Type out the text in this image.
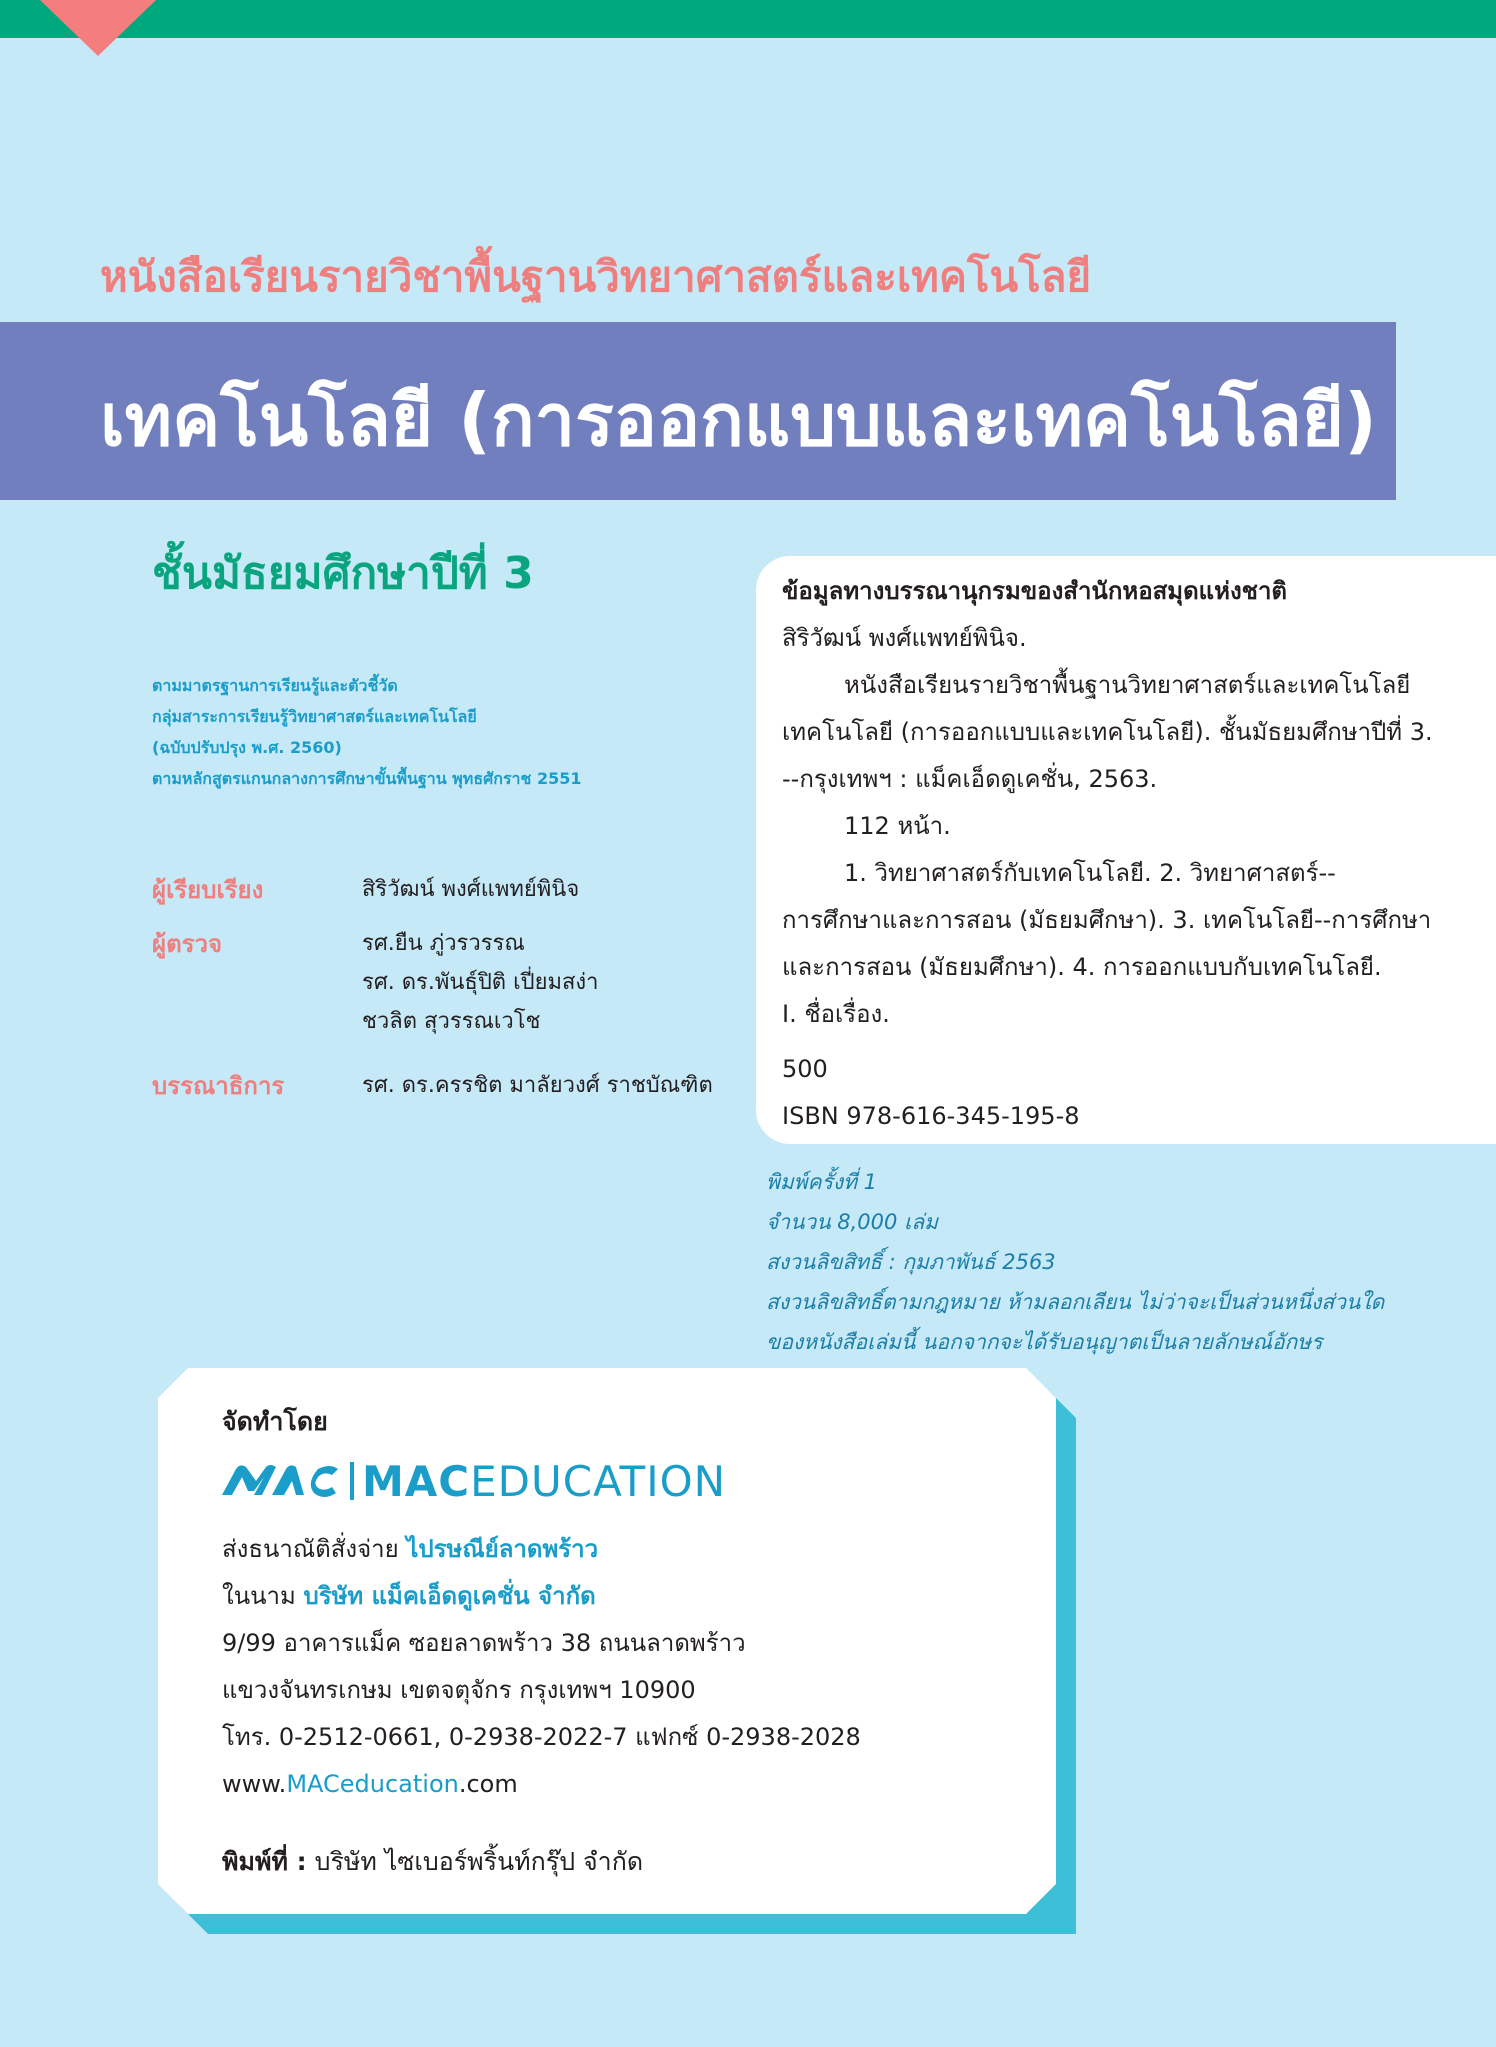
หนังสือเรียนรายวิชาพื้นฐานวิทยาศาสตร์และเทคโนโลยี
เทคโนโลยี (การออกแบบและเทคโนโลยี)
ชั้นมัธยมศึกษาปีที่ 3
ตามมาตรฐานการเรียนรู้และตัวชี้วัด
กลุ่มสาระการเรียนรู้วิทยาศาสตร์และเทคโนโลยี
(ฉบับปรับปรุง พ.ศ. 2560)
ตามหลักสูตรแกนกลางการศึกษาขั้นพื้นฐาน พุทธศักราช 2551
ผู้เรียบเรียง	สิริวัฒน์ พงศ์แพทย์พินิจ
ผู้ตรวจ	รศ.ยืน ภู่วรวรรณ
รศ. ดร.พันธ์ุปิติ เปี่ยมสง่า
ชวลิต สุวรรณเวโช
บรรณาธิการ	รศ. ดร.ครรชิต มาลัยวงศ์ ราชบัณฑิต
ข้อมูลทางบรรณานุกรมของสำนักหอสมุดแห่งชาติ
สิริวัฒน์ พงศ์แพทย์พินิจ.
หนังสือเรียนรายวิชาพื้นฐานวิทยาศาสตร์และเทคโนโลยี
เทคโนโลยี (การออกแบบและเทคโนโลยี). ชั้นมัธยมศึกษาปีที่ 3.
--กรุงเทพฯ : แม็คเอ็ดดูเคชั่น, 2563.
112 หน้า.
1. วิทยาศาสตร์กับเทคโนโลยี. 2. วิทยาศาสตร์--
การศึกษาและการสอน (มัธยมศึกษา). 3. เทคโนโลยี--การศึกษา
และการสอน (มัธยมศึกษา). 4. การออกแบบกับเทคโนโลยี.
I. ชื่อเรื่อง.
500
ISBN 978-616-345-195-8
พิมพ์ครั้งที่ 1
จำนวน 8,000 เล่ม
สงวนลิขสิทธิ์ : กุมภาพันธ์ 2563
สงวนลิขสิทธิ์ตามกฎหมาย ห้ามลอกเลียน ไม่ว่าจะเป็นส่วนหนึ่งส่วนใด
ของหนังสือเล่มนี้ นอกจากจะได้รับอนุญาตเป็นลายลักษณ์อักษร
จัดทำโดย
MACEDUCATION
ส่งธนาณัติสั่งจ่าย ไปรษณีย์ลาดพร้าว
ในนาม บริษัท แม็คเอ็ดดูเคชั่น จำกัด
9/99 อาคารแม็ค ซอยลาดพร้าว 38 ถนนลาดพร้าว
แขวงจันทรเกษม เขตจตุจักร กรุงเทพฯ 10900
โทร. 0-2512-0661, 0-2938-2022-7 แฟกซ์ 0-2938-2028
www.MACeducation.com
พิมพ์ที่ : บริษัท ไซเบอร์พริ้นท์กรุ๊ป จำกัด
